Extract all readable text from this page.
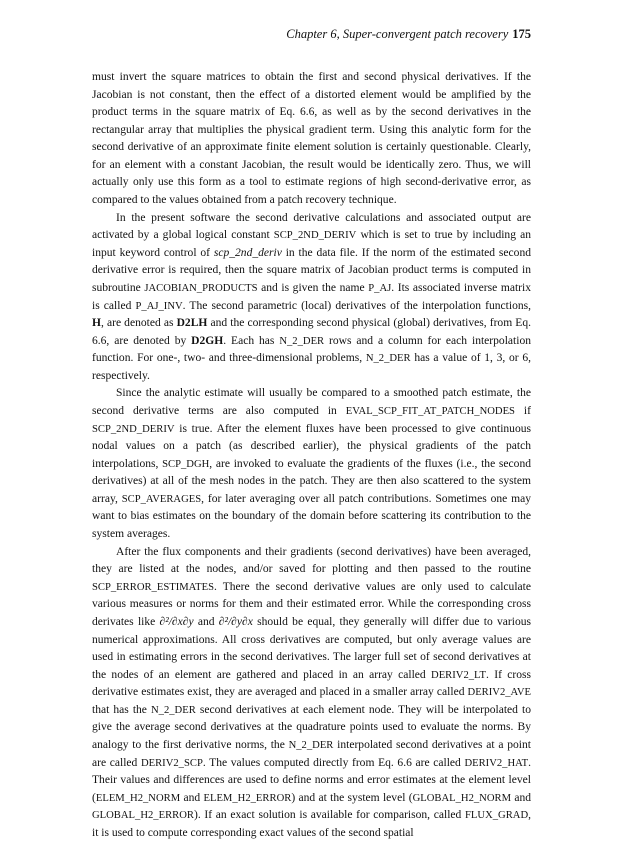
Chapter 6, Super-convergent patch recovery 175

must invert the square matrices to obtain the first and second physical derivatives. If the Jacobian is not constant, then the effect of a distorted element would be amplified by the product terms in the square matrix of Eq. 6.6, as well as by the second derivatives in the rectangular array that multiplies the physical gradient term. Using this analytic form for the second derivative of an approximate finite element solution is certainly questionable. Clearly, for an element with a constant Jacobian, the result would be identically zero. Thus, we will actually only use this form as a tool to estimate regions of high second-derivative error, as compared to the values obtained from a patch recovery technique.

In the present software the second derivative calculations and associated output are activated by a global logical constant SCP_2ND_DERIV which is set to true by including an input keyword control of scp_2nd_deriv in the data file. If the norm of the estimated second derivative error is required, then the square matrix of Jacobian product terms is computed in subroutine JACOBIAN_PRODUCTS and is given the name P_AJ. Its associated inverse matrix is called P_AJ_INV. The second parametric (local) derivatives of the interpolation functions, H, are denoted as D2LH and the corresponding second physical (global) derivatives, from Eq. 6.6, are denoted by D2GH. Each has N_2_DER rows and a column for each interpolation function. For one-, two- and three-dimensional problems, N_2_DER has a value of 1, 3, or 6, respectively.

Since the analytic estimate will usually be compared to a smoothed patch estimate, the second derivative terms are also computed in EVAL_SCP_FIT_AT_PATCH_NODES if SCP_2ND_DERIV is true. After the element fluxes have been processed to give continuous nodal values on a patch (as described earlier), the physical gradients of the patch interpolations, SCP_DGH, are invoked to evaluate the gradients of the fluxes (i.e., the second derivatives) at all of the mesh nodes in the patch. They are then also scattered to the system array, SCP_AVERAGES, for later averaging over all patch contributions. Sometimes one may want to bias estimates on the boundary of the domain before scattering its contribution to the system averages.

After the flux components and their gradients (second derivatives) have been averaged, they are listed at the nodes, and/or saved for plotting and then passed to the routine SCP_ERROR_ESTIMATES. There the second derivative values are only used to calculate various measures or norms for them and their estimated error. While the corresponding cross derivates like ∂²/∂x∂y and ∂²/∂y∂x should be equal, they generally will differ due to various numerical approximations. All cross derivatives are computed, but only average values are used in estimating errors in the second derivatives. The larger full set of second derivatives at the nodes of an element are gathered and placed in an array called DERIV2_LT. If cross derivative estimates exist, they are averaged and placed in a smaller array called DERIV2_AVE that has the N_2_DER second derivatives at each element node. They will be interpolated to give the average second derivatives at the quadrature points used to evaluate the norms. By analogy to the first derivative norms, the N_2_DER interpolated second derivatives at a point are called DERIV2_SCP. The values computed directly from Eq. 6.6 are called DERIV2_HAT. Their values and differences are used to define norms and error estimates at the element level (ELEM_H2_NORM and ELEM_H2_ERROR) and at the system level (GLOBAL_H2_NORM and GLOBAL_H2_ERROR). If an exact solution is available for comparison, called FLUX_GRAD, it is used to compute corresponding exact values of the second spatial
